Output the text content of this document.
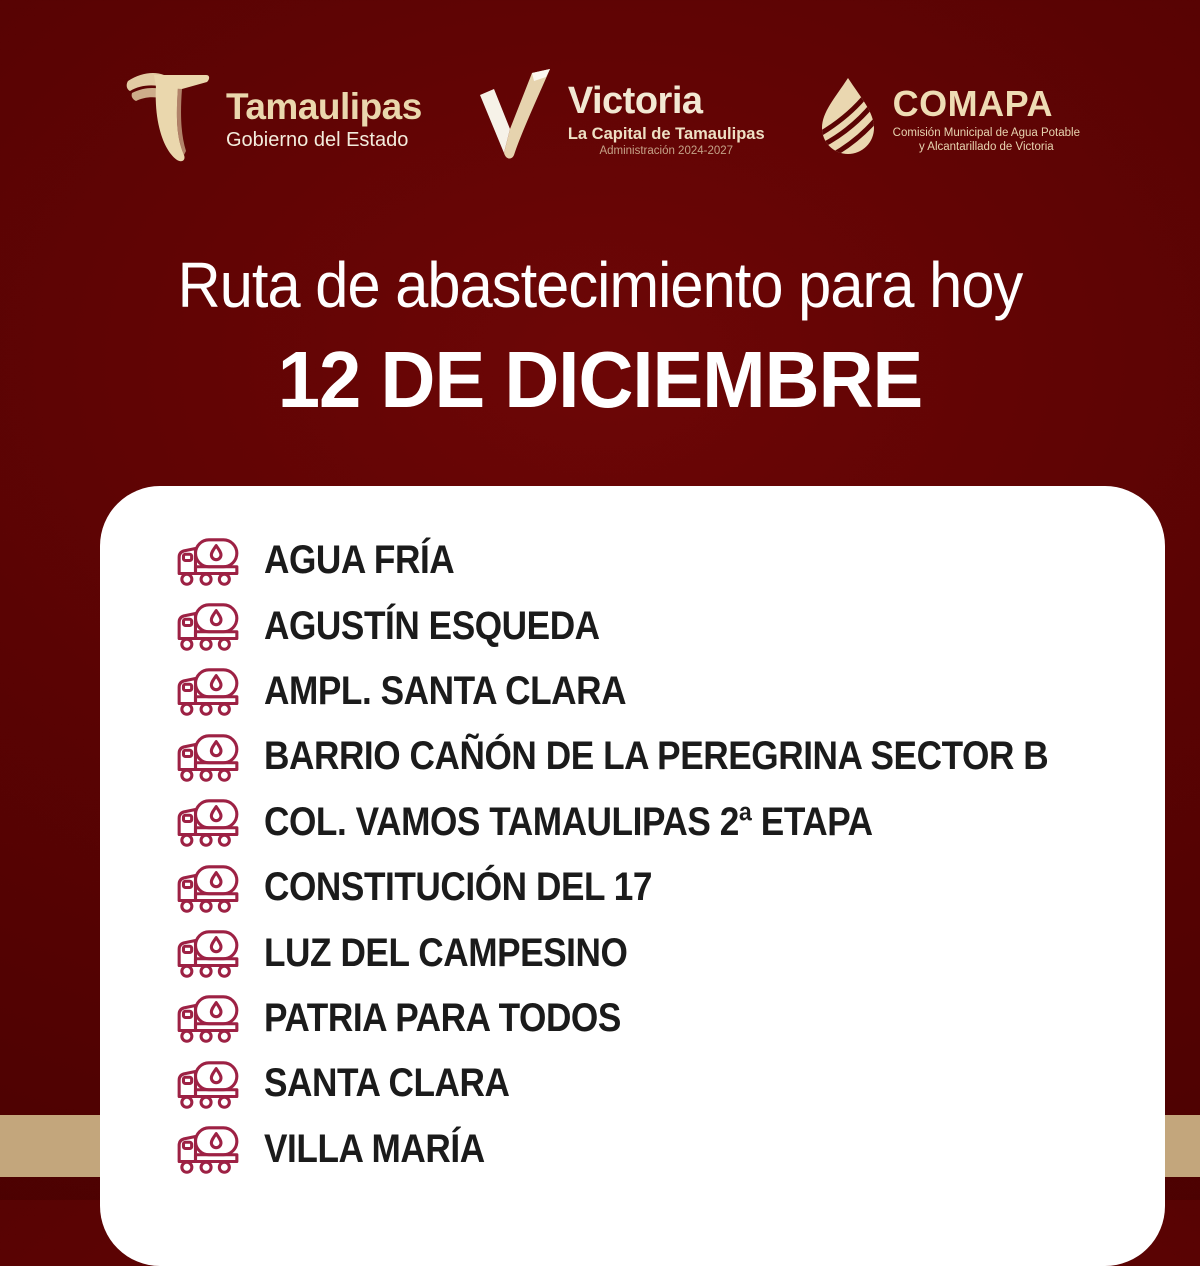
Tamaulipas
Gobierno del Estado
Victoria
La Capital de Tamaulipas
Administración 2024-2027
COMAPA
Comisión Municipal de Agua Potable
y Alcantarillado de Victoria
Ruta de abastecimiento para hoy
12 DE DICIEMBRE
AGUA FRÍA
AGUSTÍN ESQUEDA
AMPL. SANTA CLARA
BARRIO CAÑÓN DE LA PEREGRINA SECTOR B
COL. VAMOS TAMAULIPAS 2ª ETAPA
CONSTITUCIÓN DEL 17
LUZ DEL CAMPESINO
PATRIA PARA TODOS
SANTA CLARA
VILLA MARÍA
